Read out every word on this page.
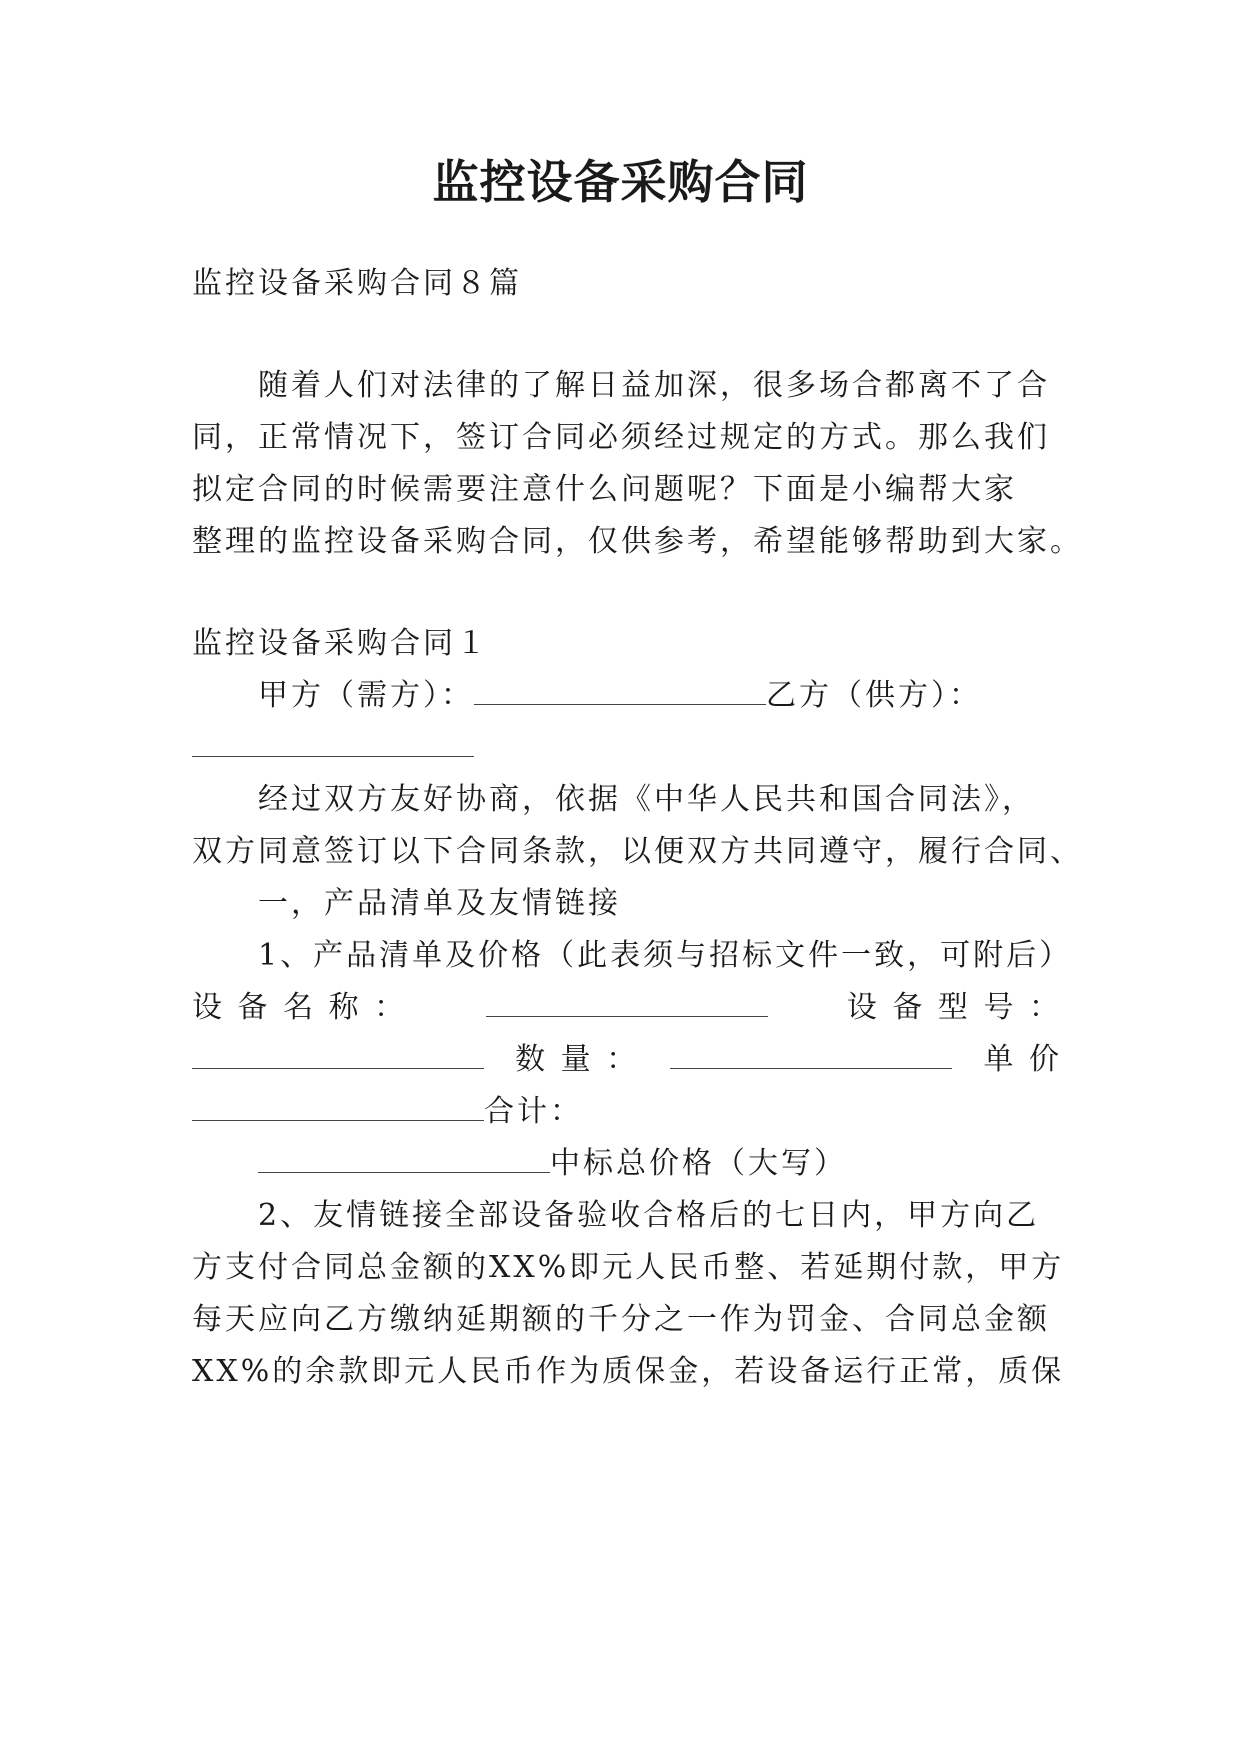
监控设备采购合同
监控设备采购合同８篇
随着人们对法律的了解日益加深，很多场合都离不了合
同，正常情况下，签订合同必须经过规定的方式。那么我们
拟定合同的时候需要注意什么问题呢？下面是小编帮大家
整理的监控设备采购合同，仅供参考，希望能够帮助到大家。
监控设备采购合同１
甲方（需方）：	乙方（供方）：
经过双方友好协商，依据《中华人民共和国合同法》，
双方同意签订以下合同条款，以便双方共同遵守，履行合同、
一，产品清单及友情链接
1、产品清单及价格（此表须与招标文件一致，可附后）
设 备 名 称 ：	设 备 型 号 ：
数 量 ：	单 价
合计：
中标总价格（大写）
2、友情链接全部设备验收合格后的七日内，甲方向乙
方支付合同总金额的XX%即元人民币整、若延期付款，甲方
每天应向乙方缴纳延期额的千分之一作为罚金、合同总金额
XX%的余款即元人民币作为质保金，若设备运行正常，质保
